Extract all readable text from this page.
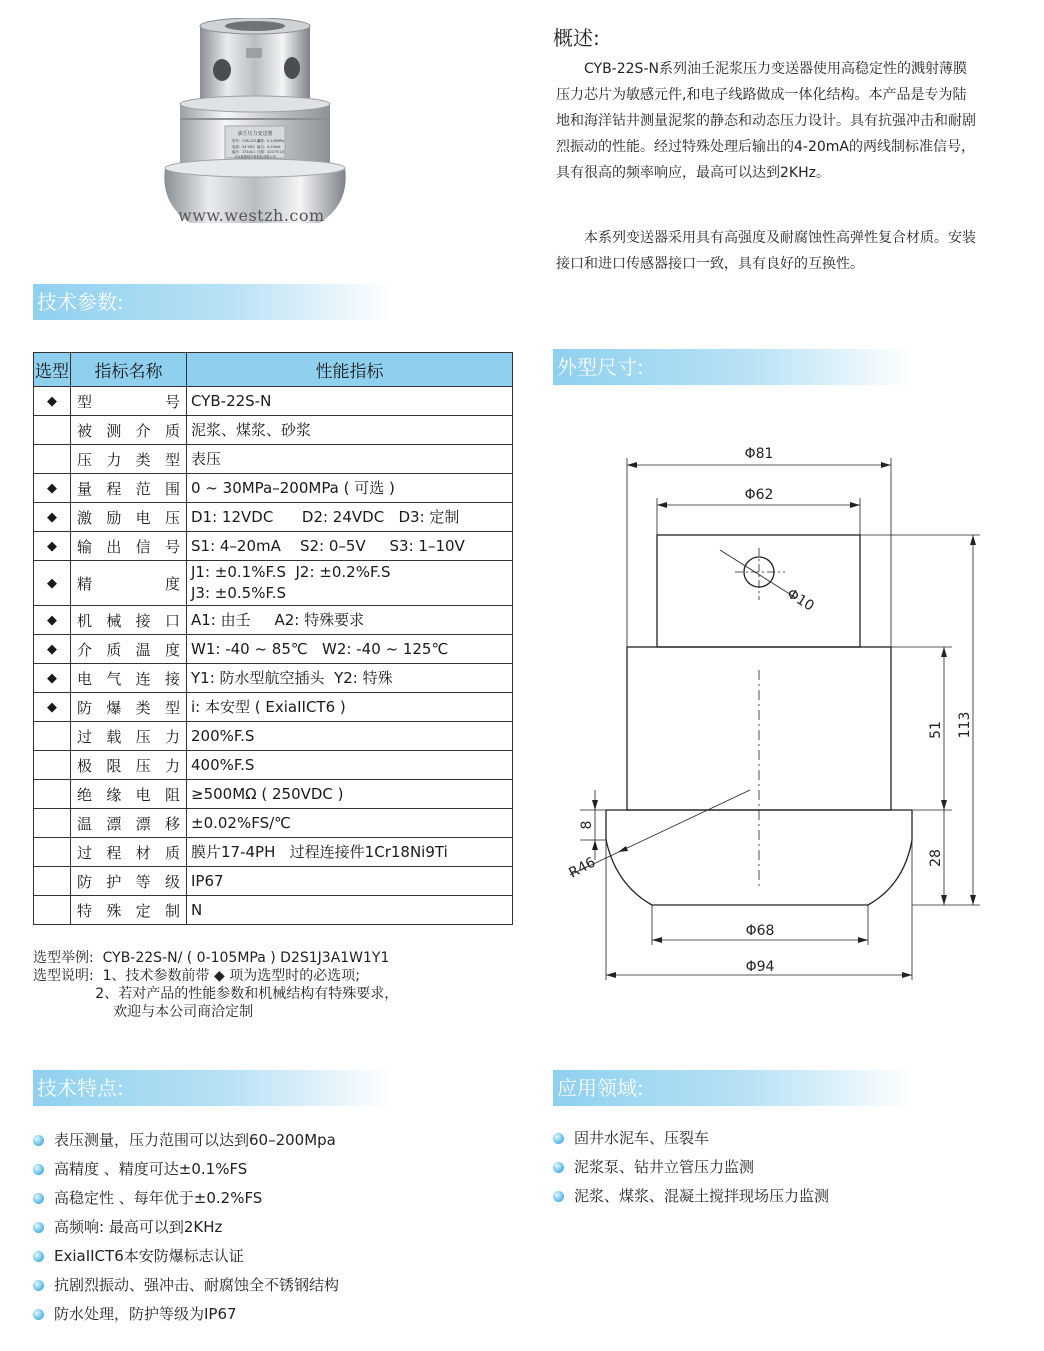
油壬压力变送器
型号：CYB-22S-N
量程：0-105MPa
电源：24 VDC 输出：4-20mA
编号：171011 日期：2017年1月
北京威斯特中航科技有限公司
www.westzh.com
概述:
CYB-22S-N系列油壬泥浆压力变送器使用高稳定性的溅射薄膜压力芯片为敏感元件,和电子线路做成一体化结构。本产品是专为陆地和海洋钻井测量泥浆的静态和动态压力设计。具有抗强冲击和耐剧烈振动的性能。经过特殊处理后输出的4-20mA的两线制标准信号，具有很高的频率响应，最高可以达到2KHz。
本系列变送器采用具有高强度及耐腐蚀性高弹性复合材质。安装接口和进口传感器接口一致，具有良好的互换性。
技术参数:
外型尺寸:
技术特点:	应用领域:
选型	指标名称	性能指标
◆	型号	CYB-22S-N

	被测介质	泥浆、煤浆、砂浆

	压力类型	表压
◆	量程范围	0 ~ 30MPa–200MPa ( 可选 )
◆	激励电压	D1: 12VDC      D2: 24VDC   D3: 定制
◆	输出信号	S1: 4–20mA    S2: 0–5V     S3: 1–10V
◆	精度	J1: ±0.1%F.S  J2: ±0.2%F.S
J3: ±0.5%F.S
◆	机械接口	A1: 由壬     A2: 特殊要求
◆	介质温度	W1: -40 ~ 85℃   W2: -40 ~ 125℃
◆	电气连接	Y1: 防水型航空插头  Y2: 特殊
◆	防爆类型	i: 本安型 ( ExiaIICT6 )

	过载压力	200%F.S

	极限压力	400%F.S

	绝缘电阻	≥500MΩ ( 250VDC )

	温漂漂移	±0.02%FS/℃

	过程材质	膜片17-4PH   过程连接件1Cr18Ni9Ti

	防护等级	IP67

	特殊定制	N
选型举例:  CYB-22S-N/ ( 0-105MPa ) D2S1J3A1W1Y1
选型说明:  1、技术参数前带 ◆ 项为选型时的必选项;
2、若对产品的性能参数和机械结构有特殊要求，
欢迎与本公司商洽定制
Φ81
Φ62
Φ10
51 113
8
28
R46
Φ68
Φ94
表压测量，压力范围可以达到60–200Mpa
高精度 、精度可达±0.1%FS
高稳定性 、每年优于±0.2%FS
高频响: 最高可以到2KHz
ExiaIICT6本安防爆标志认证
抗剧烈振动、强冲击、耐腐蚀全不锈钢结构
防水处理，防护等级为IP67
固井水泥车、压裂车
泥浆泵、钻井立管压力监测
泥浆、煤浆、混凝土搅拌现场压力监测
